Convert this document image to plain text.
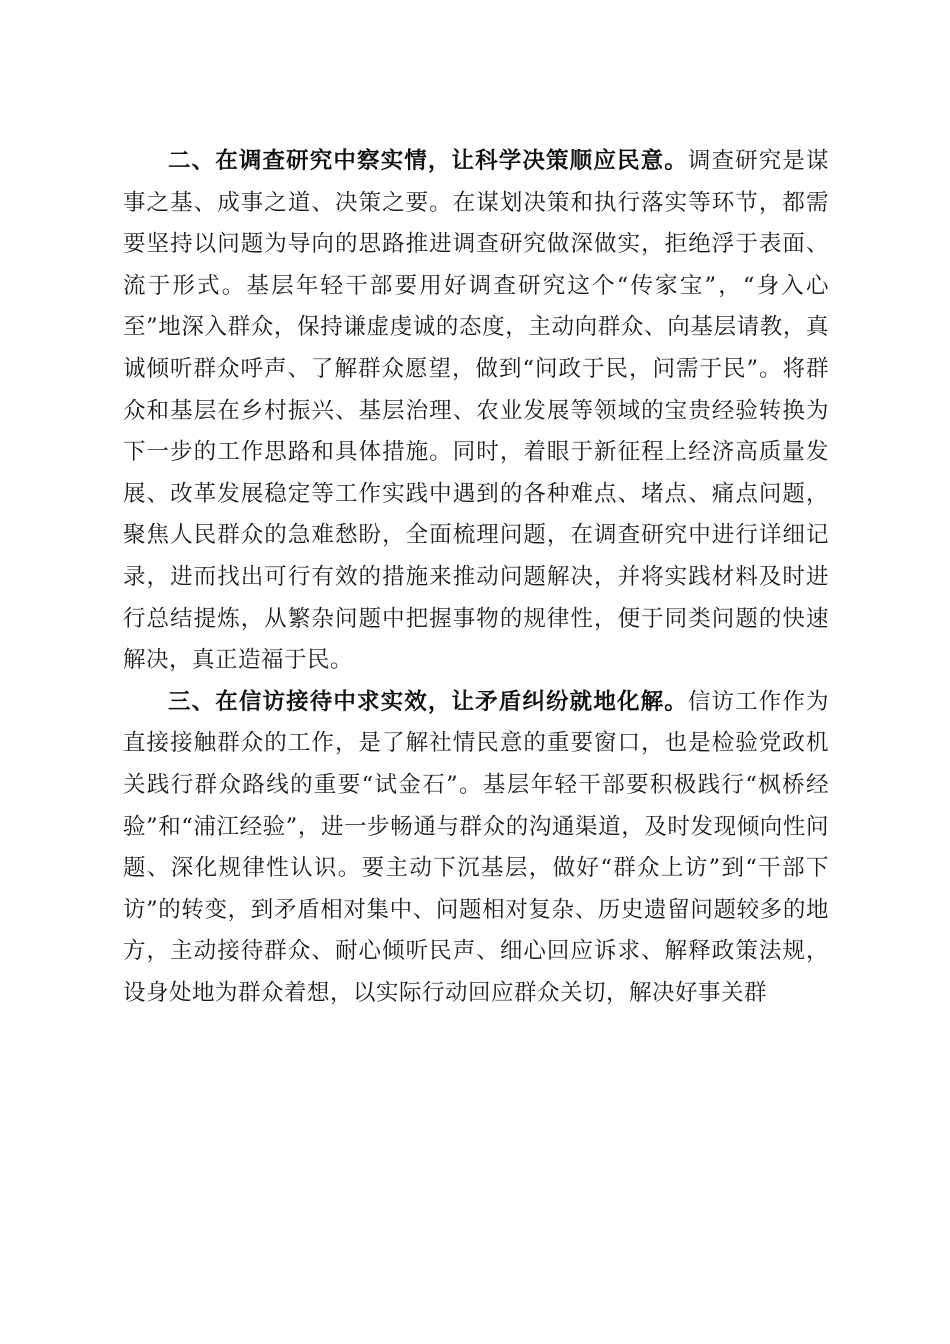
二、在调查研究中察实情，让科学决策顺应民意。调查研究是谋事之基、成事之道、决策之要。在谋划决策和执行落实等环节，都需要坚持以问题为导向的思路推进调查研究做深做实，拒绝浮于表面、流于形式。基层年轻干部要用好调查研究这个“传家宝”，“身入心至”地深入群众，保持谦虚虔诚的态度，主动向群众、向基层请教，真诚倾听群众呼声、了解群众愿望，做到“问政于民，问需于民”。将群众和基层在乡村振兴、基层治理、农业发展等领域的宝贵经验转换为下一步的工作思路和具体措施。同时，着眼于新征程上经济高质量发展、改革发展稳定等工作实践中遇到的各种难点、堵点、痛点问题，聚焦人民群众的急难愁盼，全面梳理问题，在调查研究中进行详细记录，进而找出可行有效的措施来推动问题解决，并将实践材料及时进行总结提炼，从繁杂问题中把握事物的规律性，便于同类问题的快速解决，真正造福于民。

三、在信访接待中求实效，让矛盾纠纷就地化解。信访工作作为直接接触群众的工作，是了解社情民意的重要窗口，也是检验党政机关践行群众路线的重要“试金石”。基层年轻干部要积极践行“枫桥经验”和“浦江经验”，进一步畅通与群众的沟通渠道，及时发现倾向性问题、深化规律性认识。要主动下沉基层，做好“群众上访”到“干部下访”的转变，到矛盾相对集中、问题相对复杂、历史遗留问题较多的地方，主动接待群众、耐心倾听民声、细心回应诉求、解释政策法规，设身处地为群众着想，以实际行动回应群众关切，解决好事关群
